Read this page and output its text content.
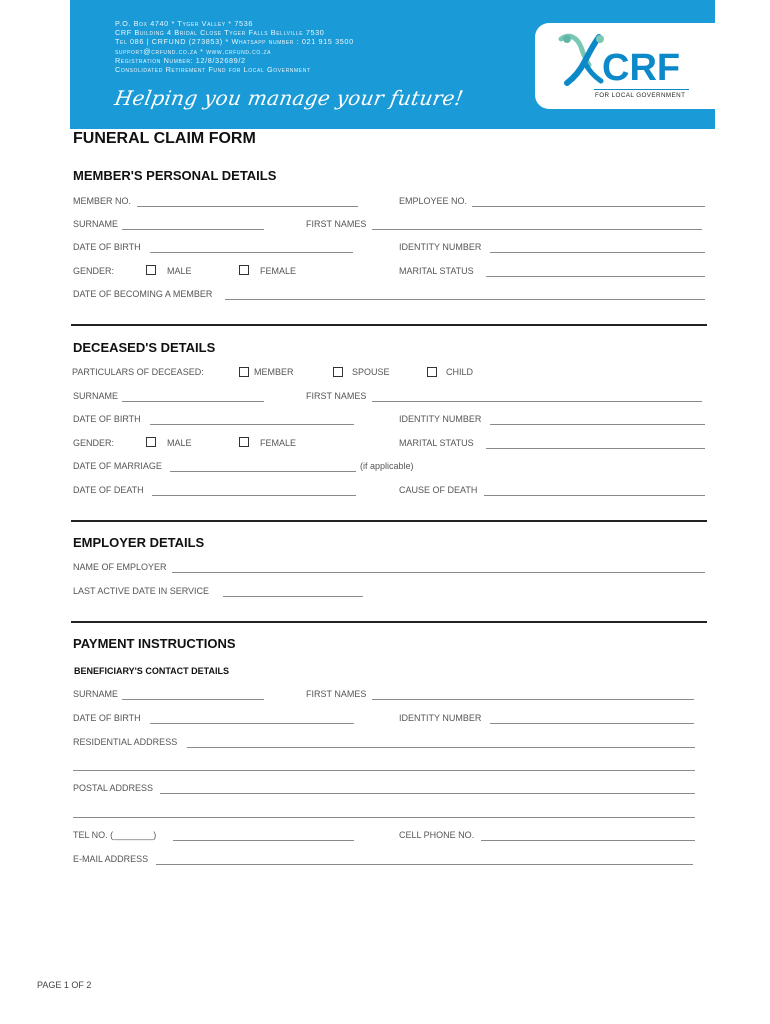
P.O. Box 4740 * Tyger Valley * 7536
CRF Building 4 Bridal Close Tyger Falls Bellville 7530
Tel 086 | CRFUND (273853) * Whatsapp number : 021 915 3500
support@crfund.co.za * www.crfund.co.za
Registration Number: 12/8/32689/2
Consolidated Retirement Fund for Local Government
Helping you manage your future!
CRF
FOR LOCAL GOVERNMENT
FUNERAL CLAIM FORM
MEMBER'S PERSONAL DETAILS
MEMBER NO.	EMPLOYEE NO.
SURNAME	FIRST NAMES
DATE OF BIRTH	IDENTITY NUMBER
GENDER:	MALE	FEMALE	MARITAL STATUS
DATE OF BECOMING A MEMBER
DECEASED'S DETAILS
PARTICULARS OF DECEASED:	MEMBER	SPOUSE	CHILD
SURNAME	FIRST NAMES
DATE OF BIRTH	IDENTITY NUMBER
GENDER:	MALE	FEMALE	MARITAL STATUS
DATE OF MARRIAGE	(if applicable)
DATE OF DEATH	CAUSE OF DEATH
EMPLOYER DETAILS
NAME OF EMPLOYER
LAST ACTIVE DATE IN SERVICE
PAYMENT INSTRUCTIONS
BENEFICIARY'S CONTACT DETAILS
SURNAME	FIRST NAMES
DATE OF BIRTH	IDENTITY NUMBER
RESIDENTIAL ADDRESS
POSTAL ADDRESS
TEL NO. (________)	CELL PHONE NO.
E-MAIL ADDRESS
PAGE 1 OF 2
